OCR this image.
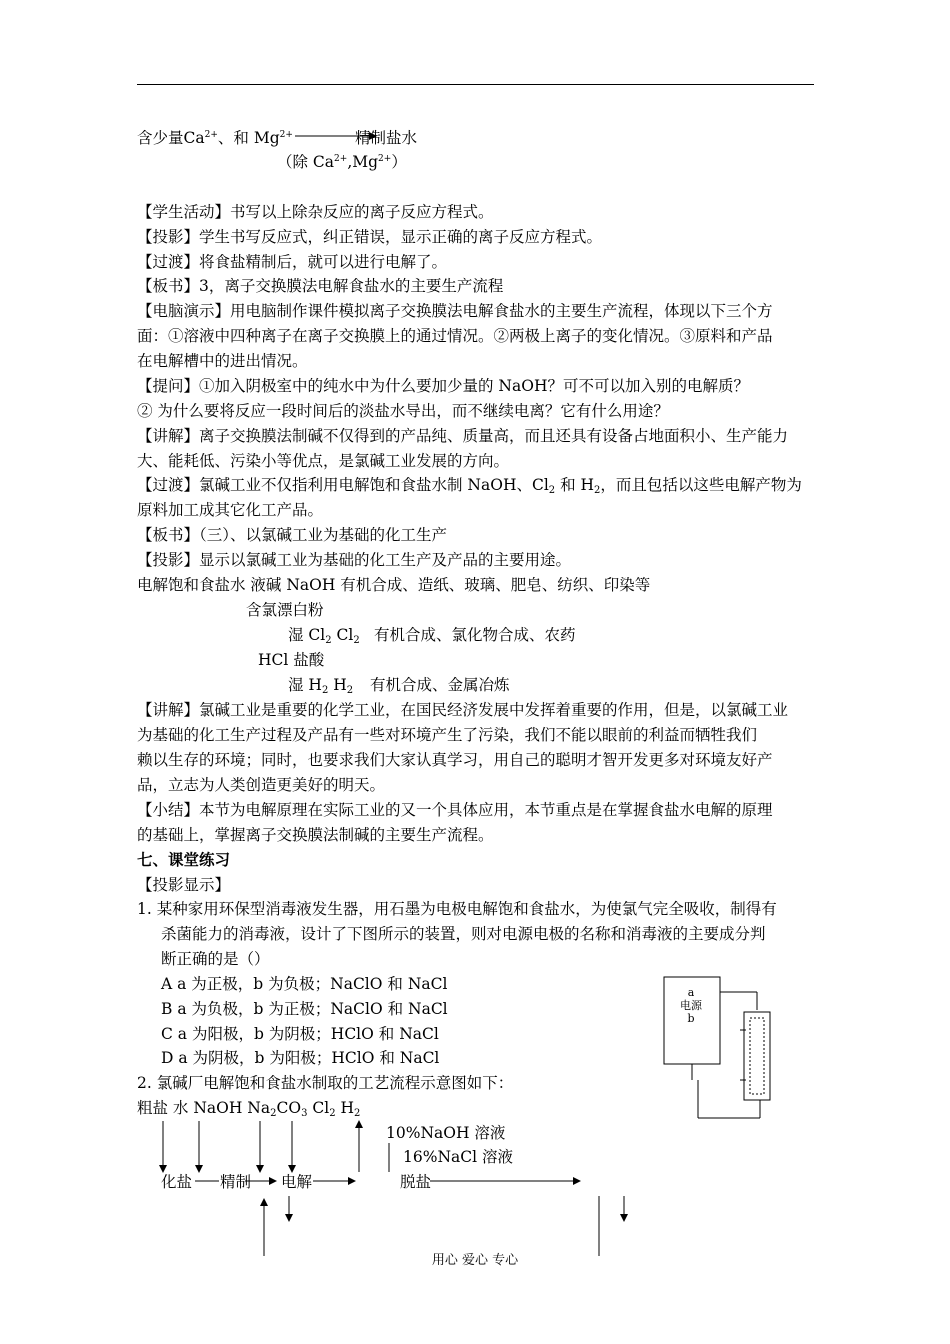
含少量$Ca^{2+}$、和 $Mg^{2+}$	精制盐水
（除 $Ca^{2+},Mg^{2+}$）
【学生活动】书写以上除杂反应的离子反应方程式。
【投影】学生书写反应式，纠正错误，显示正确的离子反应方程式。
【过渡】将食盐精制后，就可以进行电解了。
【板书】3，离子交换膜法电解食盐水的主要生产流程
【电脑演示】用电脑制作课件模拟离子交换膜法电解食盐水的主要生产流程，体现以下三个方
面：①溶液中四种离子在离子交换膜上的通过情况。②两极上离子的变化情况。③原料和产品
在电解槽中的进出情况。
【提问】①加入阴极室中的纯水中为什么要加少量的 NaOH？可不可以加入别的电解质？
② 为什么要将反应一段时间后的淡盐水导出，而不继续电离？它有什么用途？
【讲解】离子交换膜法制碱不仅得到的产品纯、质量高，而且还具有设备占地面积小、生产能力
大、能耗低、污染小等优点，是氯碱工业发展的方向。
【过渡】氯碱工业不仅指利用电解饱和食盐水制 NaOH、$Cl_2$ 和 $H_2$，而且包括以这些电解产物为
原料加工成其它化工产品。
【板书】（三）、以氯碱工业为基础的化工生产
【投影】显示以氯碱工业为基础的化工生产及产品的主要用途。
电解饱和食盐水 液碱 NaOH 有机合成、造纸、玻璃、肥皂、纺织、印染等
含氯漂白粉
湿 $Cl_2$ $Cl_2$ 有机合成、氯化物合成、农药
HCl 盐酸
湿 $H_2$ $H_2$ 有机合成、金属冶炼
【讲解】氯碱工业是重要的化学工业，在国民经济发展中发挥着重要的作用，但是，以氯碱工业
为基础的化工生产过程及产品有一些对环境产生了污染，我们不能以眼前的利益而牺牲我们
赖以生存的环境；同时，也要求我们大家认真学习，用自己的聪明才智开发更多对环境友好产
品，立志为人类创造更美好的明天。
【小结】本节为电解原理在实际工业的又一个具体应用，本节重点是在掌握食盐水电解的原理
的基础上，掌握离子交换膜法制碱的主要生产流程。
七、课堂练习
【投影显示】
1. 某种家用环保型消毒液发生器，用石墨为电极电解饱和食盐水，为使氯气完全吸收，制得有
杀菌能力的消毒液，设计了下图所示的装置，则对电源电极的名称和消毒液的主要成分判
断正确的是（）
A a 为正极，b 为负极；NaClO 和 NaCl
B a 为负极，b 为正极；NaClO 和 NaCl
C a 为阳极，b 为阴极；HClO 和 NaCl
D a 为阴极，b 为阳极；HClO 和 NaCl
a
电源
b
2. 氯碱厂电解饱和食盐水制取的工艺流程示意图如下：
粗盐 水 NaOH $Na_2CO_3$ $Cl_2$ $H_2$
10%NaOH 溶液
16%NaCl 溶液
化盐 精制 电解	脱盐
用心 爱心 专心
